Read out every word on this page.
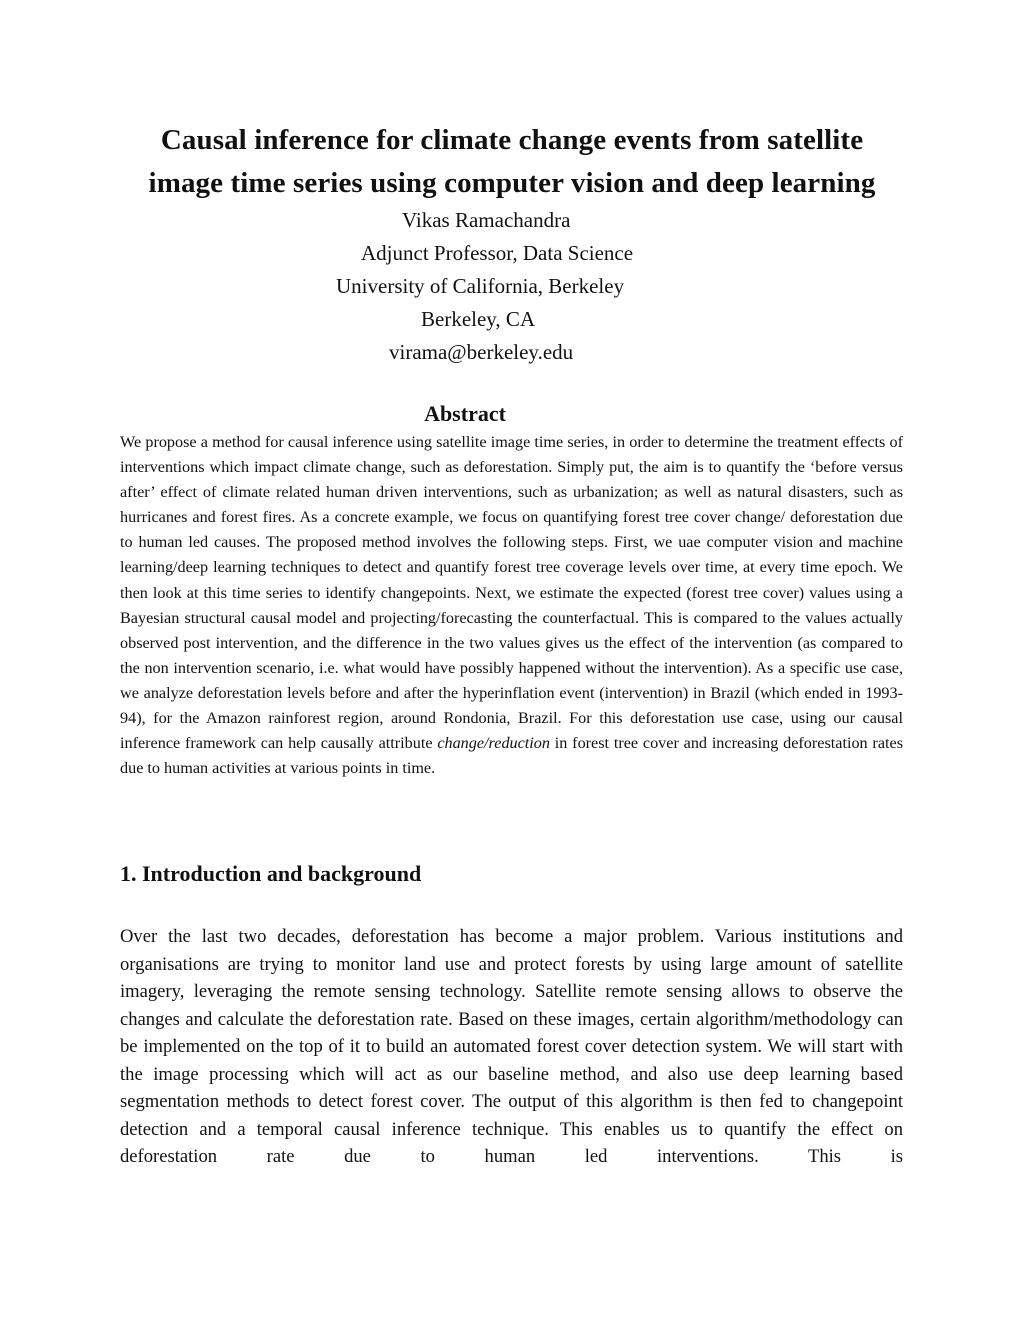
Causal inference for climate change events from satellite
image time series using computer vision and deep learning
Vikas Ramachandra
Adjunct Professor, Data Science
University of California, Berkeley
Berkeley, CA
virama@berkeley.edu
Abstract

We propose a method for causal inference using satellite image time series, in order to determine the treatment effects of interventions which impact climate change, such as deforestation. Simply put, the aim is to quantify the ‘before versus after’ effect of climate related human driven interventions, such as urbanization; as well as natural disasters, such as hurricanes and forest fires. As a concrete example, we focus on quantifying forest tree cover change/ deforestation due to human led causes. The proposed method involves the following steps. First, we uae computer vision and machine learning/deep learning techniques to detect and quantify forest tree coverage levels over time, at every time epoch. We then look at this time series to identify changepoints. Next, we estimate the expected (forest tree cover) values using a Bayesian structural causal model and projecting/forecasting the counterfactual. This is compared to the values actually observed post intervention, and the difference in the two values gives us the effect of the intervention (as compared to the non intervention scenario, i.e. what would have possibly happened without the intervention). As a specific use case, we analyze deforestation levels before and after the hyperinflation event (intervention) in Brazil (which ended in 1993-94), for the Amazon rainforest region, around Rondonia, Brazil. For this deforestation use case, using our causal inference framework can help causally attribute change/reduction in forest tree cover and increasing deforestation rates due to human activities at various points in time.

1. Introduction and background

Over the last two decades, deforestation has become a major problem. Various institutions and organisations are trying to monitor land use and protect forests by using large amount of satellite imagery, leveraging the remote sensing technology. Satellite remote sensing allows to observe the changes and calculate the deforestation rate. Based on these images, certain algorithm/methodology can be implemented on the top of it to build an automated forest cover detection system. We will start with the image processing which will act as our baseline method, and also use deep learning based segmentation methods to detect forest cover. The output of this algorithm is then fed to changepoint detection and a temporal causal inference technique. This enables us to quantify the effect on deforestation rate due to human led interventions. This is
